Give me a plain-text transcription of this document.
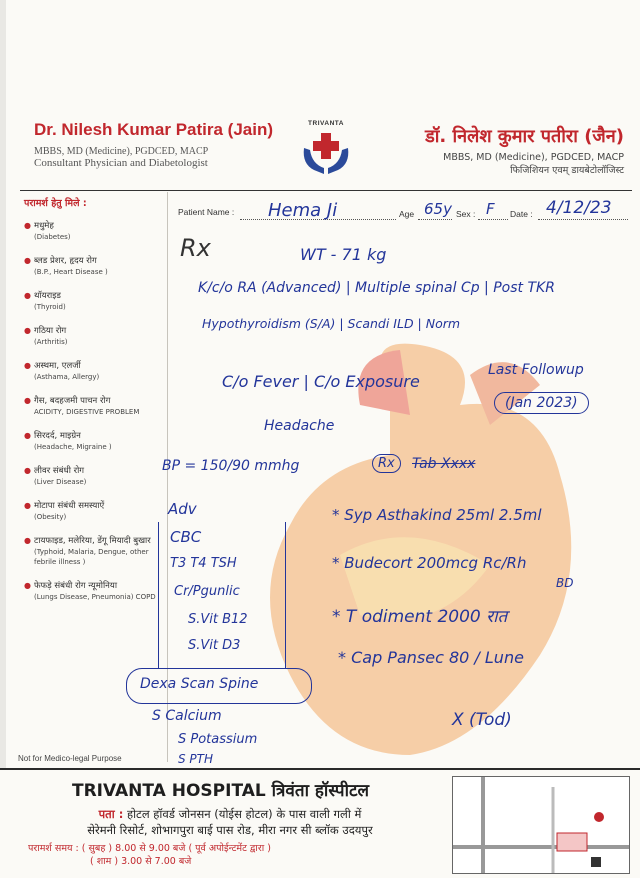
Dr. Nilesh Kumar Patira (Jain)
MBBS, MD (Medicine), PGDCED, MACP
Consultant Physician and Diabetologist
TRIVANTA
डॉ. निलेश कुमार पतीरा (जैन)
MBBS, MD (Medicine), PGDCED, MACP
फिजिशियन एवम् डायबेटोलॉजिस्ट
परामर्श हेतु मिले :
● मधुमेह
(Diabetes)
● ब्लड प्रेशर, हृदय रोग
(B.P., Heart Disease )
● थॉयराइड
(Thyroid)
● गठिया रोग
(Arthritis)
● अस्थमा, एलर्जी
(Asthama, Allergy)
● गैस, बदहजमी पाचन रोग
ACIDITY, DIGESTIVE PROBLEM
● सिरदर्द, माइग्रेन
(Headache, Migraine )
● लीवर संबंधी रोग
(Liver Disease)
● मोटापा संबंधी समस्याऐं
(Obesity)
● टायफाइड, मलेरिया, डेंगू मियादी बुखार
(Typhoid, Malaria, Dengue, other febrile illness )
● फेफड़े संबंधी रोग न्यूमोनिया
(Lungs Disease, Pneumonia) COPD
Not for Medico-legal Purpose
Patient Name : Hema Ji	Age 65y Sex : F Date : 4/12/23
Rx	WT - 71 kg
K/c/o RA (Advanced) | Multiple spinal Cp | Post TKR
Hypothyroidism (S/A) | Scandi ILD | Norm
C/o Fever | C/o Exposure
Headache
Last Followup
(Jan 2023)
BP = 150/90 mmhg	Rx	Tab Xxxx
* Syp Asthakind 25ml 2.5ml
* Budecort 200mcg Rc/Rh
BD
* T odiment 2000 रात
* Cap Pansec 80 / Lune
X (Tod)
Adv
CBC
T3 T4 TSH
Cr/Pgunlic
S.Vit B12
S.Vit D3
Dexa Scan Spine
S Calcium
S Potassium
S PTH
TRIVANTA HOSPITAL त्रिवंता हॉस्पीटल
पता : होटल हॉवर्ड जोनसन (योईस होटल) के पास वाली गली में
सेरेमनी रिसोर्ट, शोभागपुरा बाई पास रोड, मीरा नगर सी ब्लॉक उदयपुर
परामर्श समय : ( सुबह ) 8.00 से 9.00 बजे ( पूर्व अपोईन्टमेंट द्वारा )
( शाम ) 3.00 से 7.00 बजे
